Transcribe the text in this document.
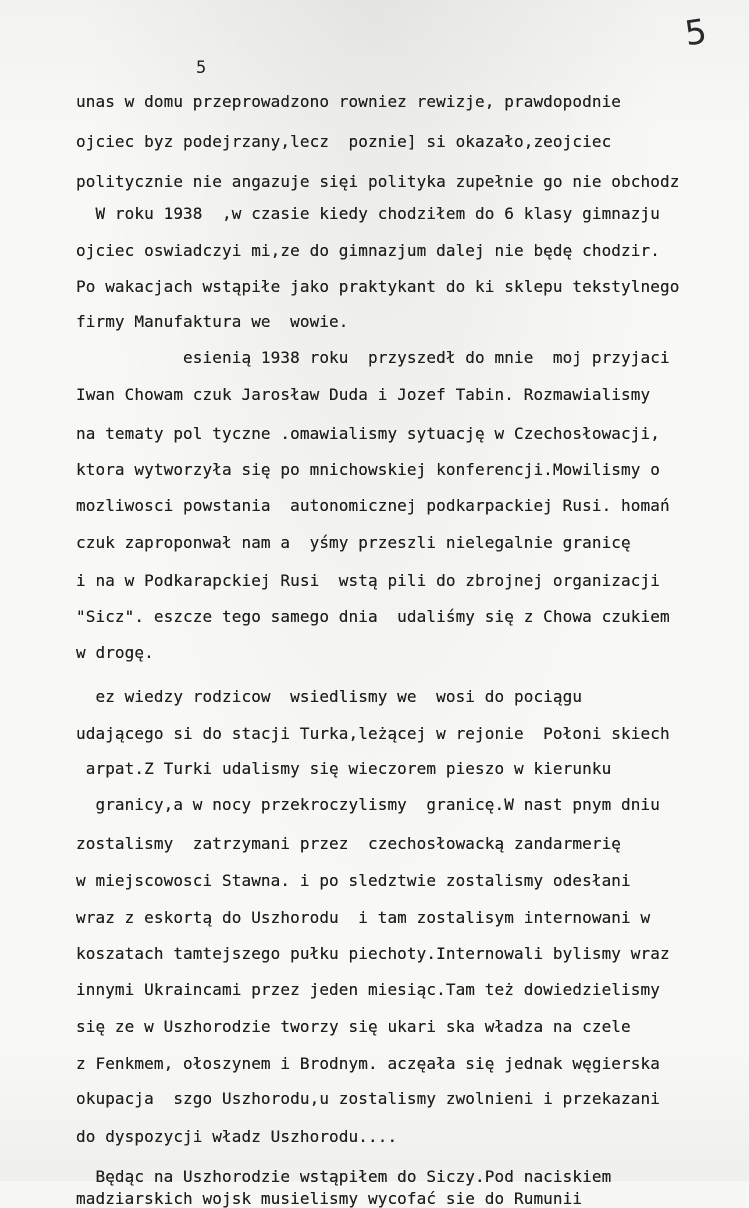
5
5
unas w domu przeprowadzono rowniez rewizje, prawdopodnie
ojciec byz podejrzany,lecz  poznie] si okazało,zeojciec
politycznie nie angazuje sięi polityka zupełnie go nie obchodz
W roku 1938  ,w czasie kiedy chodziłem do 6 klasy gimnazju
ojciec oswiadczyi mi,ze do gimnazjum dalej nie będę chodzir.
Po wakacjach wstąpiłe jako praktykant do ki sklepu tekstylnego
firmy Manufaktura we  wowie.
esienią 1938 roku  przyszedł do mnie  moj przyjaci
Iwan Chowam czuk Jarosław Duda i Jozef Tabin. Rozmawialismy
na tematy pol tyczne .omawialismy sytuację w Czechosłowacji,
ktora wytworzyła się po mnichowskiej konferencji.Mowilismy o
mozliwosci powstania  autonomicznej podkarpackiej Rusi. homań
czuk zaproponwał nam a  yśmy przeszli nielegalnie granicę
i na w Podkarapckiej Rusi  wstą pili do zbrojnej organizacji
"Sicz". eszcze tego samego dnia  udaliśmy się z Chowa czukiem
w drogę.
ez wiedzy rodzicow  wsiedlismy we  wosi do pociągu
udającego si do stacji Turka,leżącej w rejonie  Połoni skiech
arpat.Z Turki udalismy się wieczorem pieszo w kierunku
granicy,a w nocy przekroczylismy  granicę.W nast pnym dniu
zostalismy  zatrzymani przez  czechosłowacką zandarmerię
w miejscowosci Stawna. i po sledztwie zostalismy odesłani
wraz z eskortą do Uszhorodu  i tam zostalisym internowani w
koszatach tamtejszego pułku piechoty.Internowali bylismy wraz
innymi Ukraincami przez jeden miesiąc.Tam też dowiedzielismy
się ze w Uszhorodzie tworzy się ukari ska władza na czele
z Fenkmem, ołoszynem i Brodnym. aczęała się jednak węgierska
okupacja  szgo Uszhorodu,u zostalismy zwolnieni i przekazani
do dyspozycji władz Uszhorodu....
Będąc na Uszhorodzie wstąpiłem do Siczy.Pod naciskiem
madziarskich wojsk musielismy wycofać sie do Rumunii
